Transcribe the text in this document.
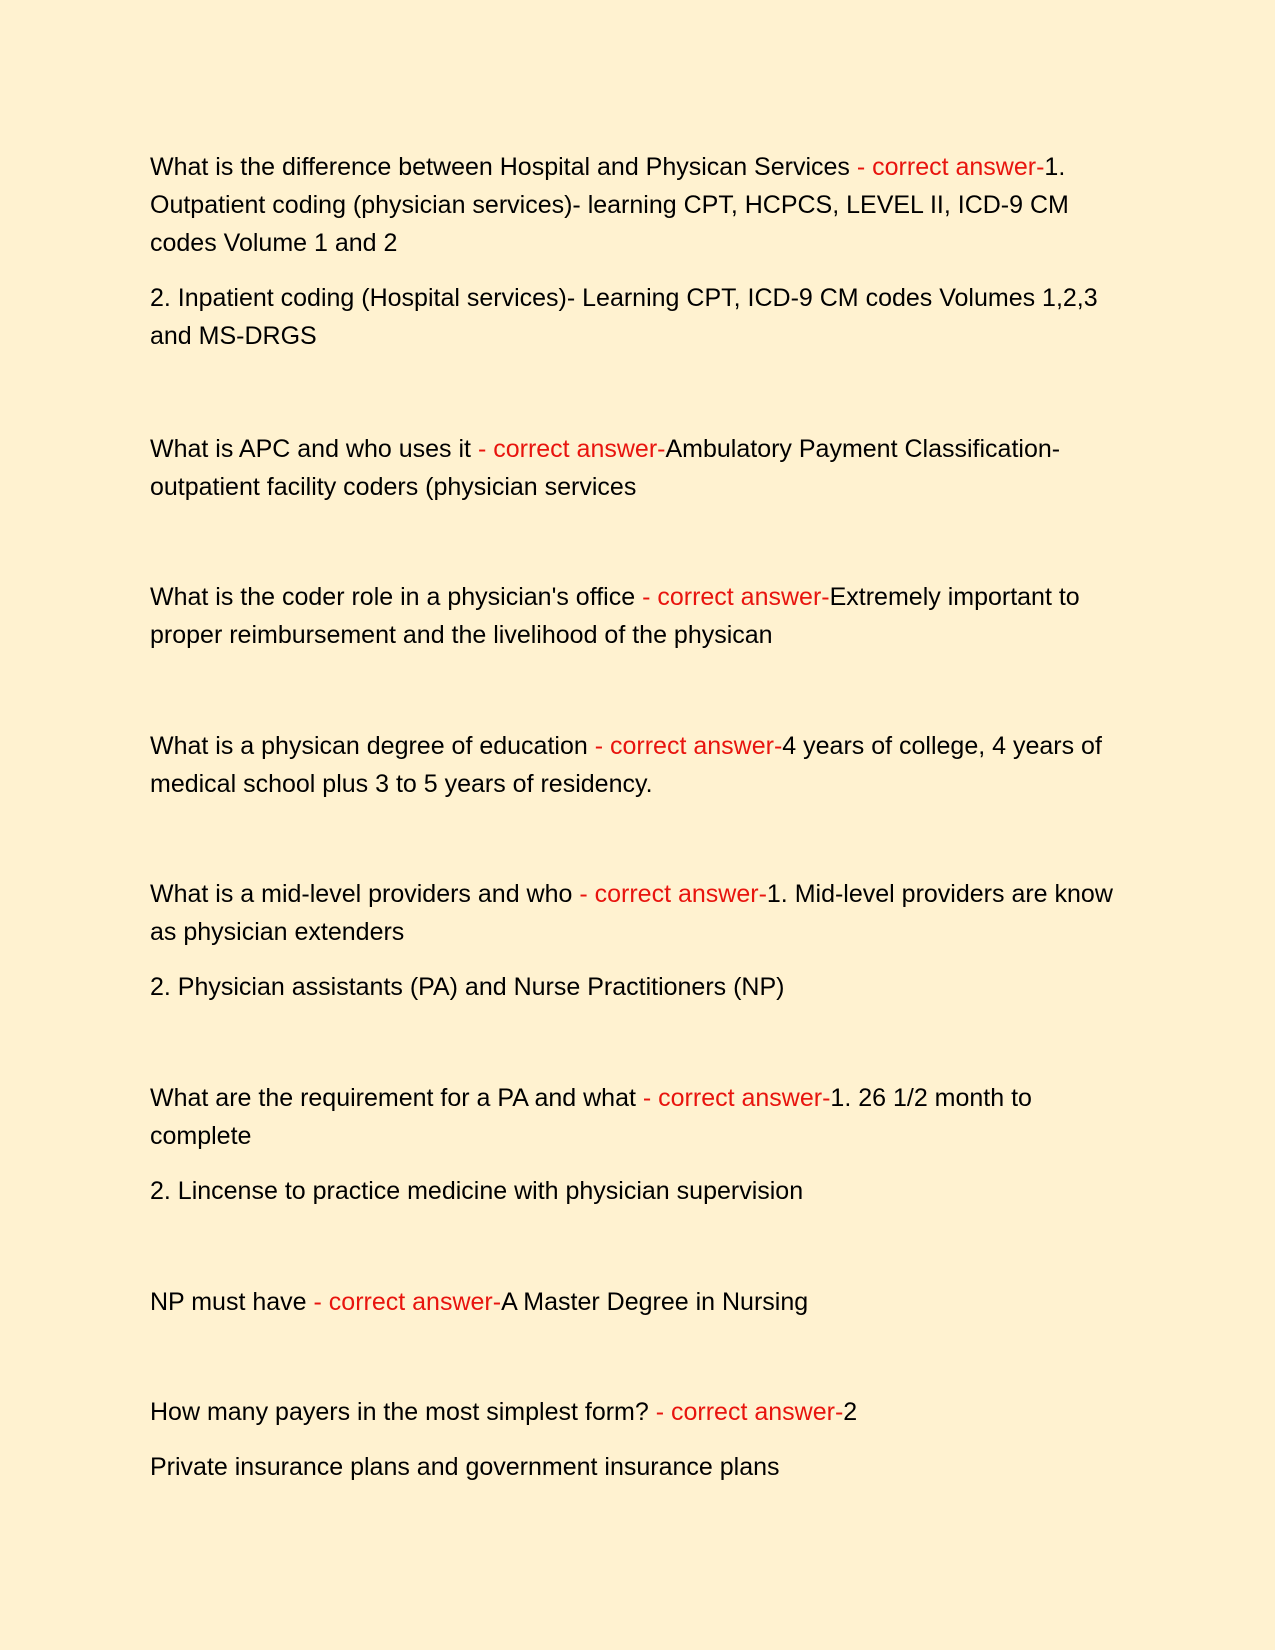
What is the difference between Hospital and Physican Services - correct answer-1. Outpatient coding (physician services)- learning CPT, HCPCS, LEVEL II, ICD-9 CM codes Volume 1 and 2

2. Inpatient coding (Hospital services)- Learning CPT, ICD-9 CM codes Volumes 1,2,3 and MS-DRGS

What is APC and who uses it - correct answer-Ambulatory Payment Classification- outpatient facility coders (physician services

What is the coder role in a physician's office - correct answer-Extremely important to proper reimbursement and the livelihood of the physican

What is a physican degree of education - correct answer-4 years of college, 4 years of medical school plus 3 to 5 years of residency.

What is a mid-level providers and who - correct answer-1. Mid-level providers are know as physician extenders

2. Physician assistants (PA) and Nurse Practitioners (NP)

What are the requirement for a PA and what - correct answer-1. 26 1/2 month to complete

2. Lincense to practice medicine with physician supervision

NP must have - correct answer-A Master Degree in Nursing

How many payers in the most simplest form? - correct answer-2

Private insurance plans and government insurance plans
